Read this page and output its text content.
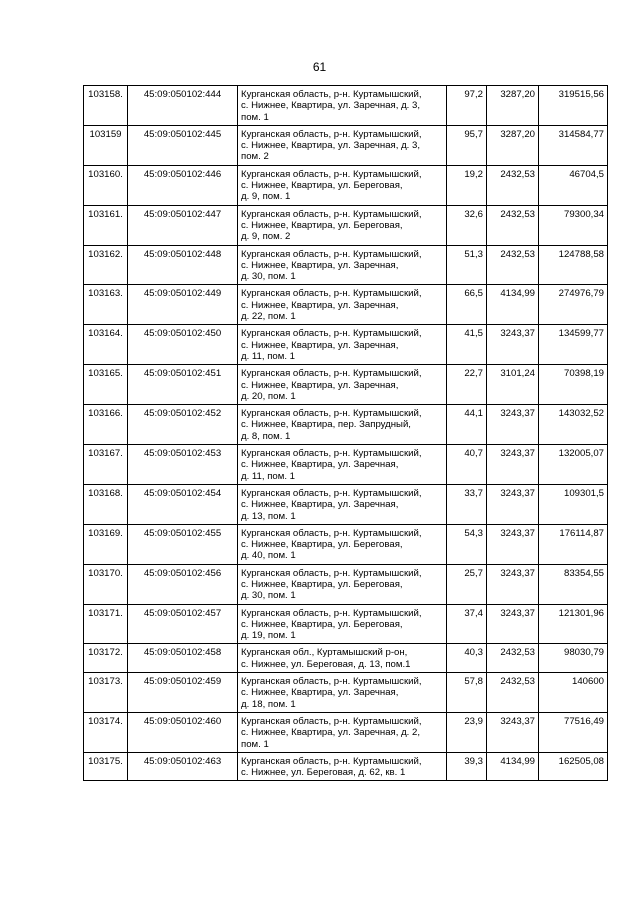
61
103158.	45:09:050102:444	Курганская область, р-н. Куртамышский,
с. Нижнее, Квартира, ул. Заречная, д. 3,
пом. 1	97,2	3287,20	319515,56
103159	45:09:050102:445	Курганская область, р-н. Куртамышский,
с. Нижнее, Квартира, ул. Заречная, д. 3,
пом. 2	95,7	3287,20	314584,77
103160.	45:09:050102:446	Курганская область, р-н. Куртамышский,
с. Нижнее, Квартира, ул. Береговая,
д. 9, пом. 1	19,2	2432,53	46704,5
103161.	45:09:050102:447	Курганская область, р-н. Куртамышский,
с. Нижнее, Квартира, ул. Береговая,
д. 9, пом. 2	32,6	2432,53	79300,34
103162.	45:09:050102:448	Курганская область, р-н. Куртамышский,
с. Нижнее, Квартира, ул. Заречная,
д. 30, пом. 1	51,3	2432,53	124788,58
103163.	45:09:050102:449	Курганская область, р-н. Куртамышский,
с. Нижнее, Квартира, ул. Заречная,
д. 22, пом. 1	66,5	4134,99	274976,79
103164.	45:09:050102:450	Курганская область, р-н. Куртамышский,
с. Нижнее, Квартира, ул. Заречная,
д. 11, пом. 1	41,5	3243,37	134599,77
103165.	45:09:050102:451	Курганская область, р-н. Куртамышский,
с. Нижнее, Квартира, ул. Заречная,
д. 20, пом. 1	22,7	3101,24	70398,19
103166.	45:09:050102:452	Курганская область, р-н. Куртамышский,
с. Нижнее, Квартира, пер. Запрудный,
д. 8, пом. 1	44,1	3243,37	143032,52
103167.	45:09:050102:453	Курганская область, р-н. Куртамышский,
с. Нижнее, Квартира, ул. Заречная,
д. 11, пом. 1	40,7	3243,37	132005,07
103168.	45:09:050102:454	Курганская область, р-н. Куртамышский,
с. Нижнее, Квартира, ул. Заречная,
д. 13, пом. 1	33,7	3243,37	109301,5
103169.	45:09:050102:455	Курганская область, р-н. Куртамышский,
с. Нижнее, Квартира, ул. Береговая,
д. 40, пом. 1	54,3	3243,37	176114,87
103170.	45:09:050102:456	Курганская область, р-н. Куртамышский,
с. Нижнее, Квартира, ул. Береговая,
д. 30, пом. 1	25,7	3243,37	83354,55
103171.	45:09:050102:457	Курганская область, р-н. Куртамышский,
с. Нижнее, Квартира, ул. Береговая,
д. 19, пом. 1	37,4	3243,37	121301,96
103172.	45:09:050102:458	Курганская обл., Куртамышский р-он,
с. Нижнее, ул. Береговая, д. 13, пом.1	40,3	2432,53	98030,79
103173.	45:09:050102:459	Курганская область, р-н. Куртамышский,
с. Нижнее, Квартира, ул. Заречная,
д. 18, пом. 1	57,8	2432,53	140600
103174.	45:09:050102:460	Курганская область, р-н. Куртамышский,
с. Нижнее, Квартира, ул. Заречная, д. 2,
пом. 1	23,9	3243,37	77516,49
103175.	45:09:050102:463	Курганская область, р-н. Куртамышский,
с. Нижнее, ул. Береговая, д. 62, кв. 1	39,3	4134,99	162505,08
